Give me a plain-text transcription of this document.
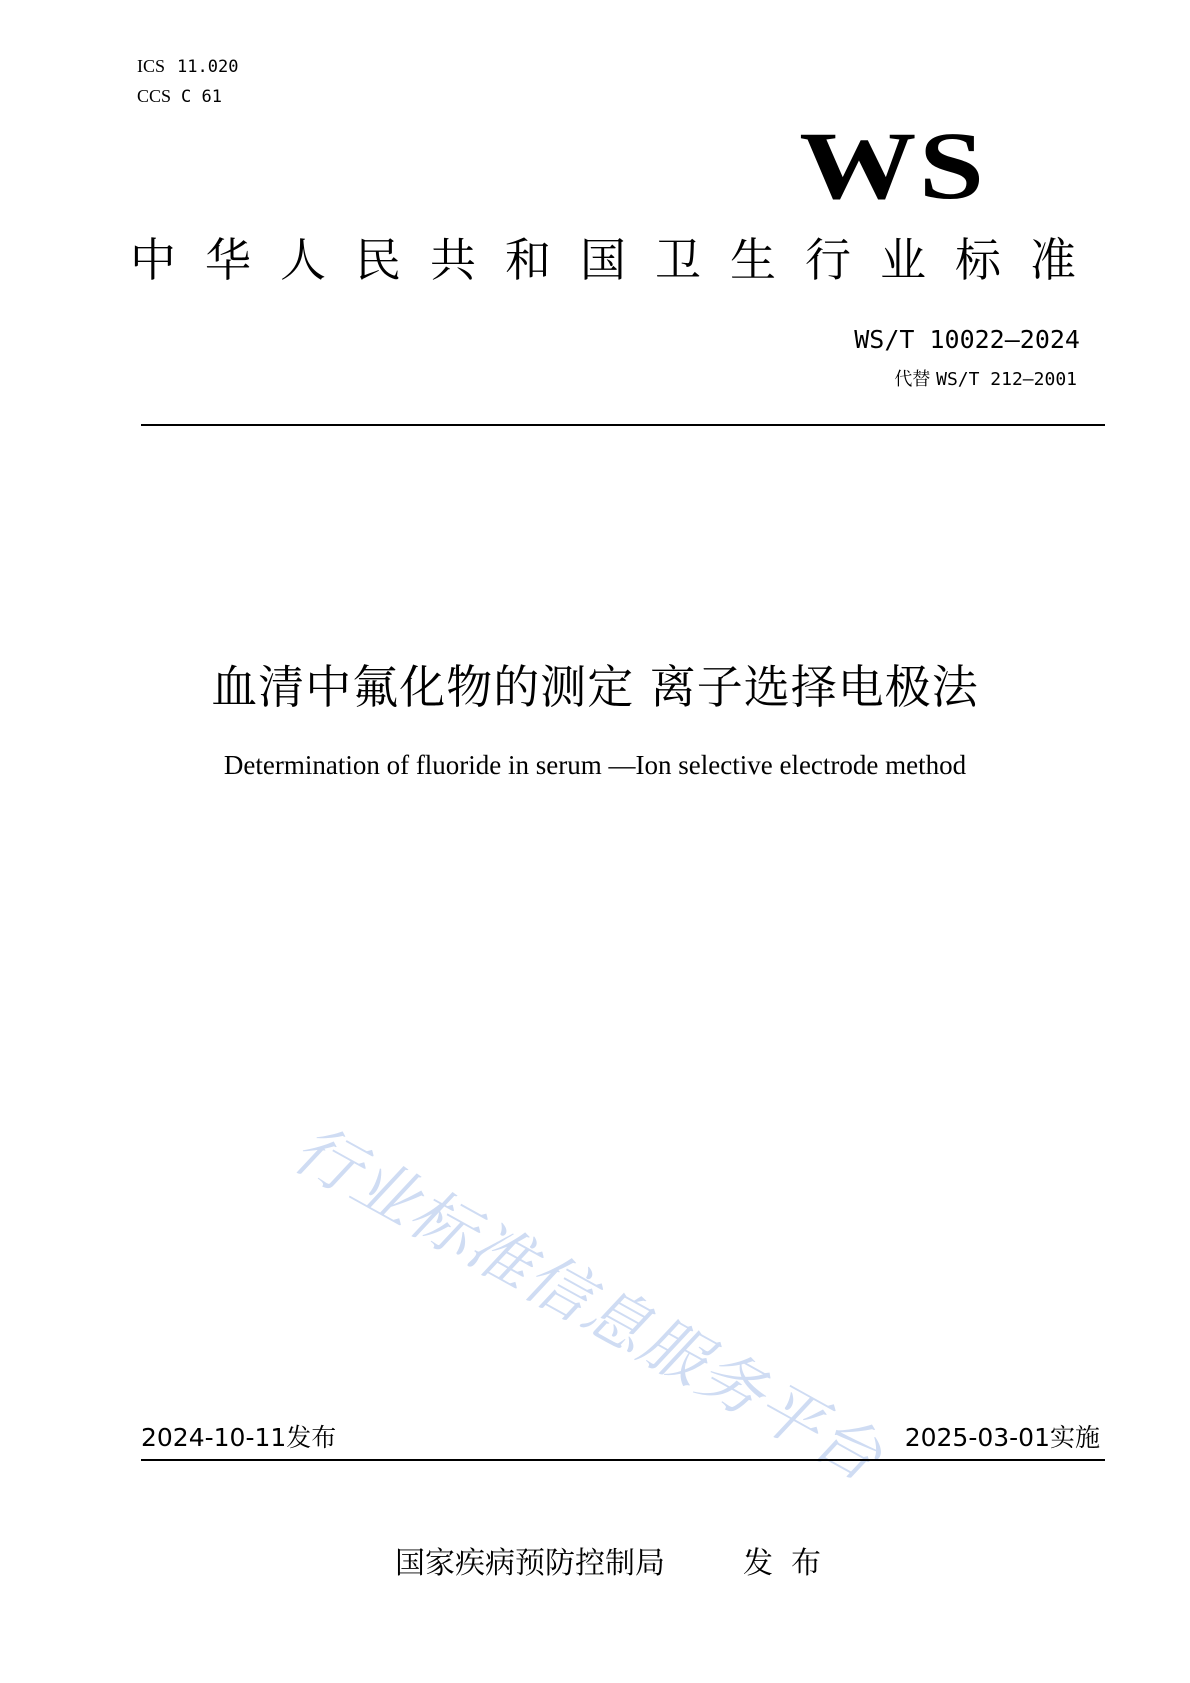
ICS 11.020
CCS C 61
WS
中华人民共和国卫生行业标准
WS/T 10022—2024
代替 WS/T 212—2001
血清中氟化物的测定 离子选择电极法
Determination of fluoride in serum —Ion selective electrode method
行业标准信息服务平台
2024-10-11发布	2025-03-01实施
国家疾病预防控制局	发布
